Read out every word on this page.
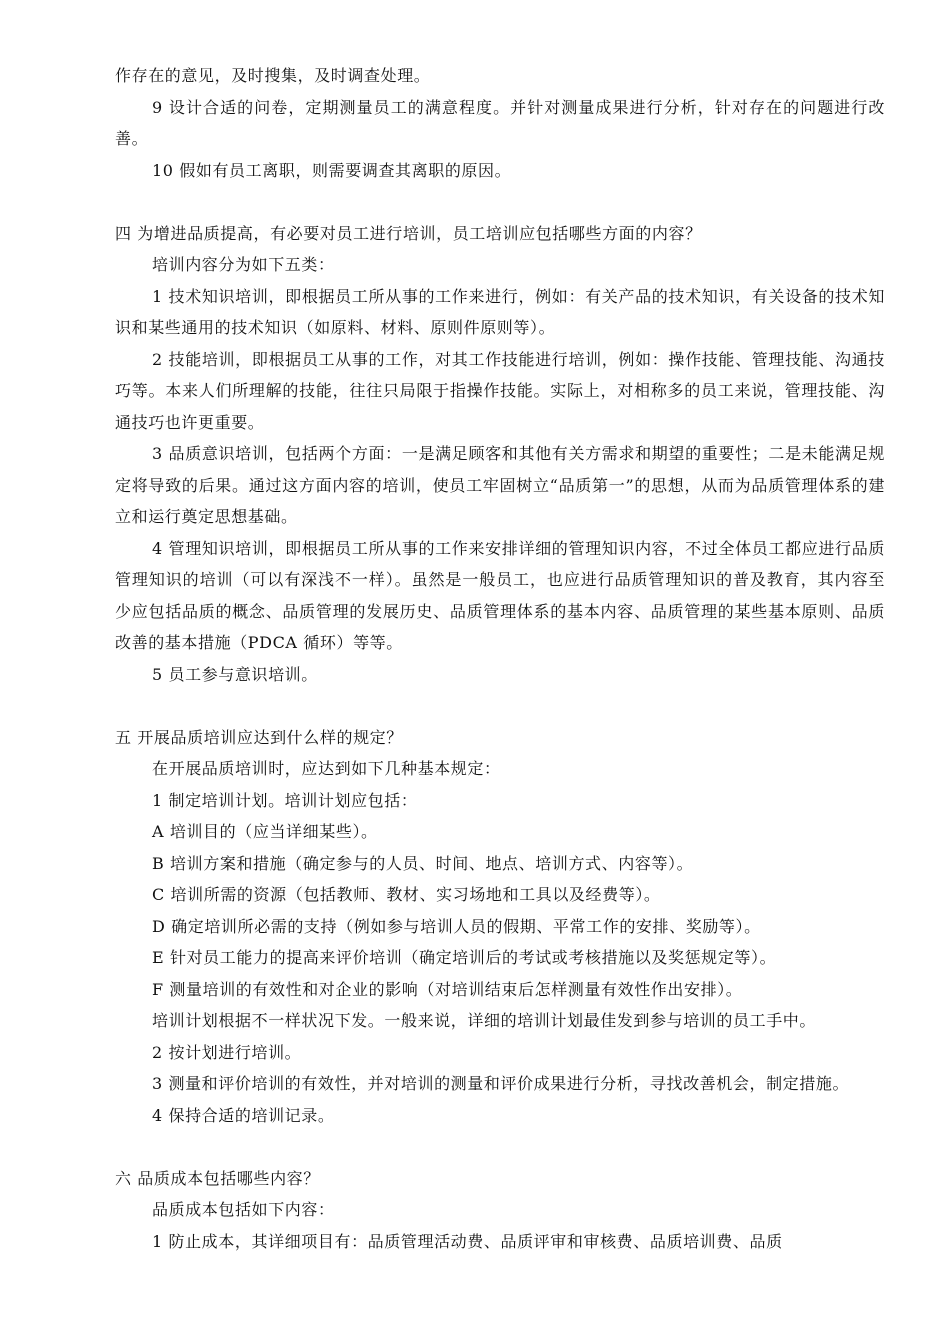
作存在的意见，及时搜集，及时调查处理。

9 设计合适的问卷，定期测量员工的满意程度。并针对测量成果进行分析，针对存在的问题进行改善。

10 假如有员工离职，则需要调查其离职的原因。

四 为增进品质提高，有必要对员工进行培训，员工培训应包括哪些方面的内容？

培训内容分为如下五类：

1 技术知识培训，即根据员工所从事的工作来进行，例如：有关产品的技术知识，有关设备的技术知识和某些通用的技术知识（如原料、材料、原则件原则等）。

2 技能培训，即根据员工从事的工作，对其工作技能进行培训，例如：操作技能、管理技能、沟通技巧等。本来人们所理解的技能，往往只局限于指操作技能。实际上，对相称多的员工来说，管理技能、沟通技巧也许更重要。

3 品质意识培训，包括两个方面：一是满足顾客和其他有关方需求和期望的重要性；二是未能满足规定将导致的后果。通过这方面内容的培训，使员工牢固树立“品质第一”的思想，从而为品质管理体系的建立和运行奠定思想基础。

4 管理知识培训，即根据员工所从事的工作来安排详细的管理知识内容，不过全体员工都应进行品质管理知识的培训（可以有深浅不一样）。虽然是一般员工，也应进行品质管理知识的普及教育，其内容至少应包括品质的概念、品质管理的发展历史、品质管理体系的基本内容、品质管理的某些基本原则、品质改善的基本措施（PDCA 循环）等等。

5 员工参与意识培训。

五 开展品质培训应达到什么样的规定？

在开展品质培训时，应达到如下几种基本规定：

1 制定培训计划。培训计划应包括：

A 培训目的（应当详细某些）。

B 培训方案和措施（确定参与的人员、时间、地点、培训方式、内容等）。

C 培训所需的资源（包括教师、教材、实习场地和工具以及经费等）。

D 确定培训所必需的支持（例如参与培训人员的假期、平常工作的安排、奖励等）。

E 针对员工能力的提高来评价培训（确定培训后的考试或考核措施以及奖惩规定等）。

F 测量培训的有效性和对企业的影响（对培训结束后怎样测量有效性作出安排）。

培训计划根据不一样状况下发。一般来说，详细的培训计划最佳发到参与培训的员工手中。

2 按计划进行培训。

3 测量和评价培训的有效性，并对培训的测量和评价成果进行分析，寻找改善机会，制定措施。

4 保持合适的培训记录。

六 品质成本包括哪些内容？

品质成本包括如下内容：

1 防止成本，其详细项目有：品质管理活动费、品质评审和审核费、品质培训费、品质
